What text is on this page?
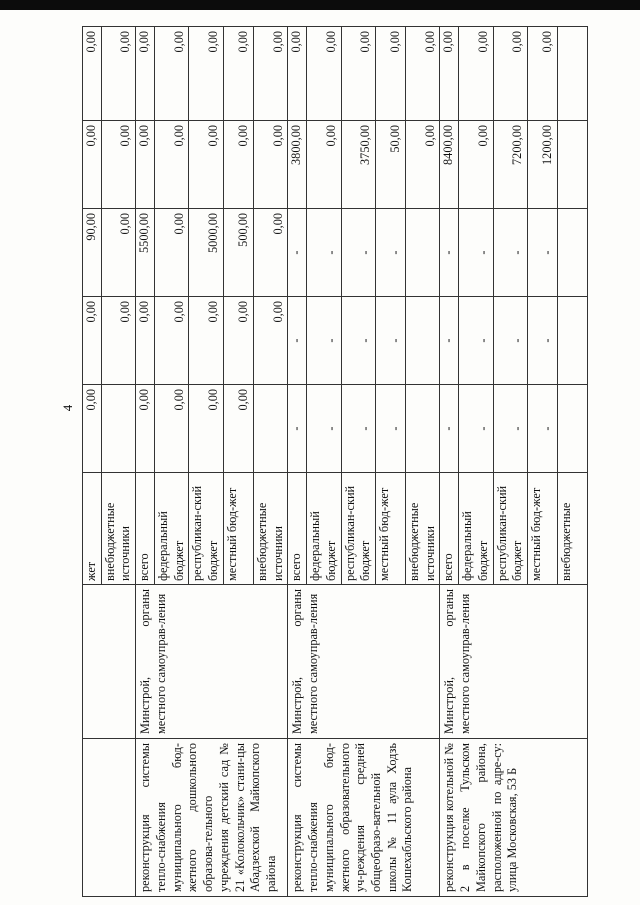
4
		жет	0,00	0,00	90,00	0,00	0,00
		внебюджетные источники		0,00	0,00	0,00	0,00
реконструкция системы тепло-снабжения муниципального бюд-жетного дошкольного образова-тельного учреждения детский сад № 21 «Колокольчик» стани-цы Абадзехской Майкопского района	Минстрой, органы местного самоуправ-ления	всего	0,00	0,00	5500,00	0,00	0,00
		федеральный бюджет	0,00	0,00	0,00	0,00	0,00
		республикан-ский бюджет	0,00	0,00	5000,00	0,00	0,00
		местный бюд-жет	0,00	0,00	500,00	0,00	0,00
		внебюджетные источники		0,00	0,00	0,00	0,00
реконструкция системы тепло-снабжения муниципального бюд-жетного образовательного уч-реждения средней общеобразо-вательной школы № 11 аула Ходзь Кошехабльского района	Минстрой, органы местного самоуправ-ления	всего	-	-	-	3800,00	0,00
		федеральный бюджет	-	-	-	0,00	0,00
		республикан-ский бюджет	-	-	-	3750,00	0,00
		местный бюд-жет	-	-	-	50,00	0,00
		внебюджетные источники				0,00	0,00
реконструкция котельной № 2 в поселке Тульском Майкопского района, расположенной по адре-су: улица Московская, 53 Б	Минстрой, органы местного самоуправ-ления	всего	-	-	-	8400,00	0,00
		федеральный бюджет	-	-	-	0,00	0,00
		республикан-ский бюджет	-	-	-	7200,00	0,00
		местный бюд-жет	-	-	-	1200,00	0,00
		внебюджетные					
